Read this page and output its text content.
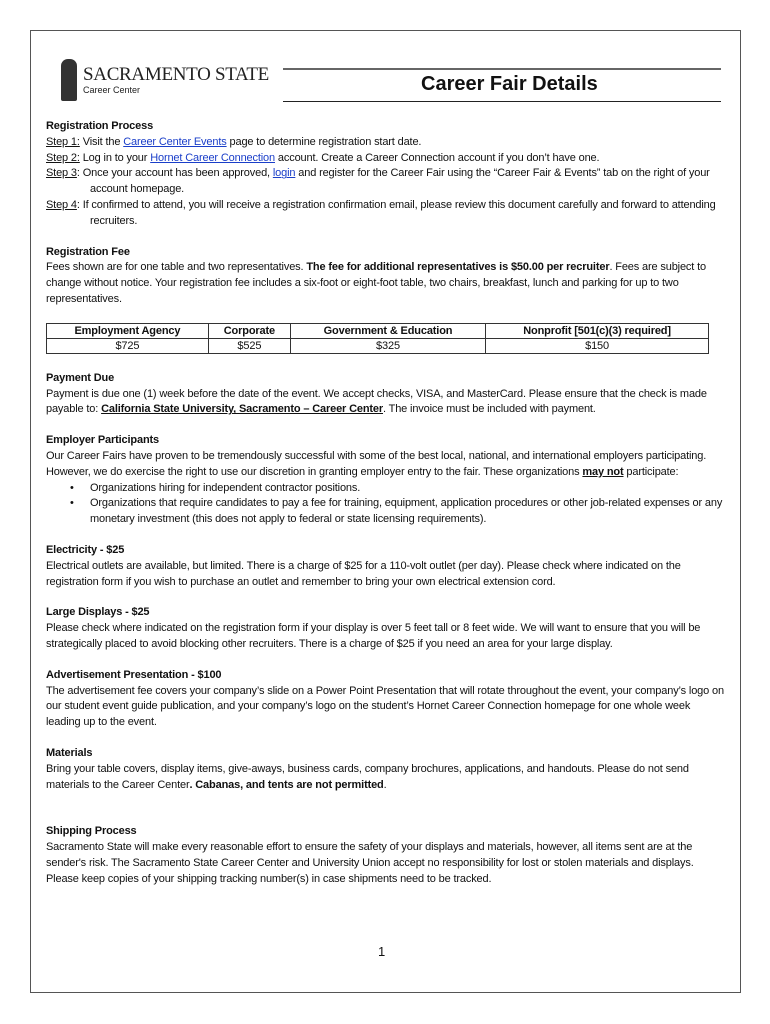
SACRAMENTO STATE
Career Center	Career Fair Details
Registration Process

Step 1: Visit the Career Center Events page to determine registration start date.

Step 2: Log in to your Hornet Career Connection account. Create a Career Connection account if you don’t have one.

Step 3: Once your account has been approved, login and register for the Career Fair using the “Career Fair & Events” tab on the right of your account homepage.

Step 4: If confirmed to attend, you will receive a registration confirmation email, please review this document carefully and forward to attending recruiters.

Registration Fee

Fees shown are for one table and two representatives. The fee for additional representatives is $50.00 per recruiter. Fees are subject to change without notice. Your registration fee includes a six-foot or eight-foot table, two chairs, breakfast, lunch and parking for up to two representatives.

Employment Agency	Corporate	Government & Education	Nonprofit [501(c)(3) required]
$725	$525	$325	$150
Payment Due

Payment is due one (1) week before the date of the event. We accept checks, VISA, and MasterCard. Please ensure that the check is made payable to: California State University, Sacramento – Career Center. The invoice must be included with payment.

Employer Participants

Our Career Fairs have proven to be tremendously successful with some of the best local, national, and international employers participating. However, we do exercise the right to use our discretion in granting employer entry to the fair. These organizations may not participate:

• Organizations hiring for independent contractor positions.
• Organizations that require candidates to pay a fee for training, equipment, application procedures or other job-related expenses or any monetary investment (this does not apply to federal or state licensing requirements).
Electricity - $25

Electrical outlets are available, but limited. There is a charge of $25 for a 110-volt outlet (per day). Please check where indicated on the registration form if you wish to purchase an outlet and remember to bring your own electrical extension cord.

Large Displays - $25

Please check where indicated on the registration form if your display is over 5 feet tall or 8 feet wide. We will want to ensure that you will be strategically placed to avoid blocking other recruiters. There is a charge of $25 if you need an area for your large display.

Advertisement Presentation - $100

The advertisement fee covers your company’s slide on a Power Point Presentation that will rotate throughout the event, your company’s logo on our student event guide publication, and your company’s logo on the student’s Hornet Career Connection homepage for one whole week leading up to the event.

Materials

Bring your table covers, display items, give-aways, business cards, company brochures, applications, and handouts. Please do not send materials to the Career Center. Cabanas, and tents are not permitted.

Shipping Process

Sacramento State will make every reasonable effort to ensure the safety of your displays and materials, however, all items sent are at the sender's risk. The Sacramento State Career Center and University Union accept no responsibility for lost or stolen materials and displays. Please keep copies of your shipping tracking number(s) in case shipments need to be tracked.

1
